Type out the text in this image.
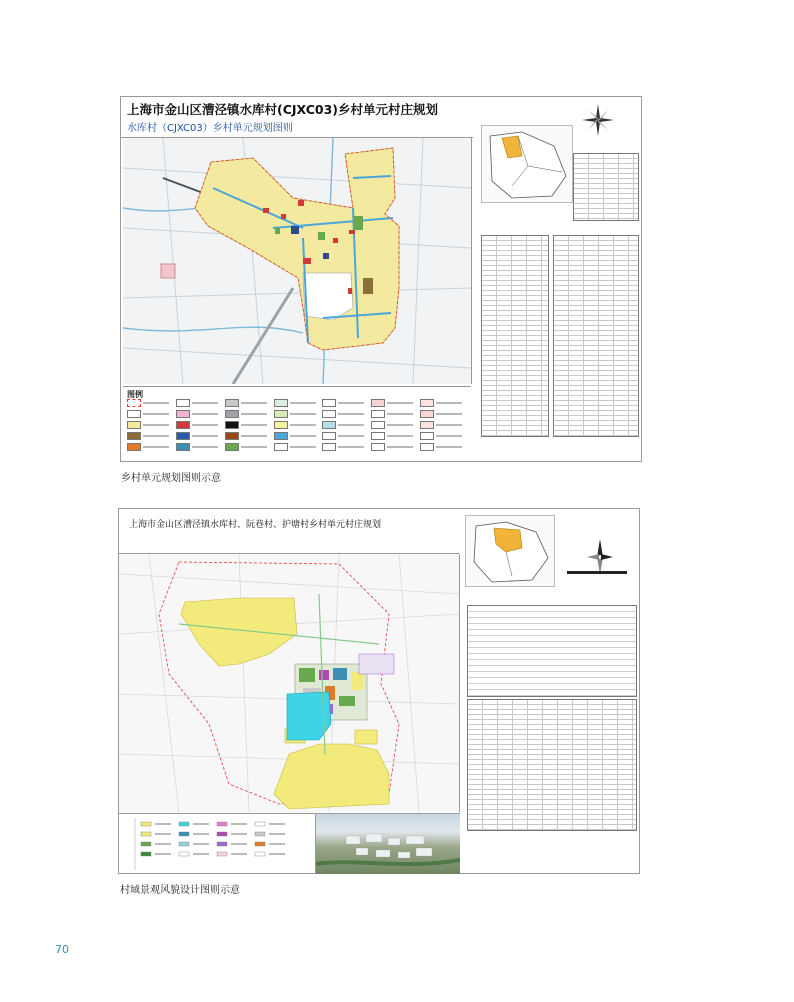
上海市金山区漕泾镇水库村(CJXC03)乡村单元村庄规划
水库村（CJXC03）乡村单元规划图则
图例
乡村单元规划图则示意
上海市金山区漕泾镇水库村、阮巷村、护塘村乡村单元村庄规划
村域景观风貌设计图则示意
70
